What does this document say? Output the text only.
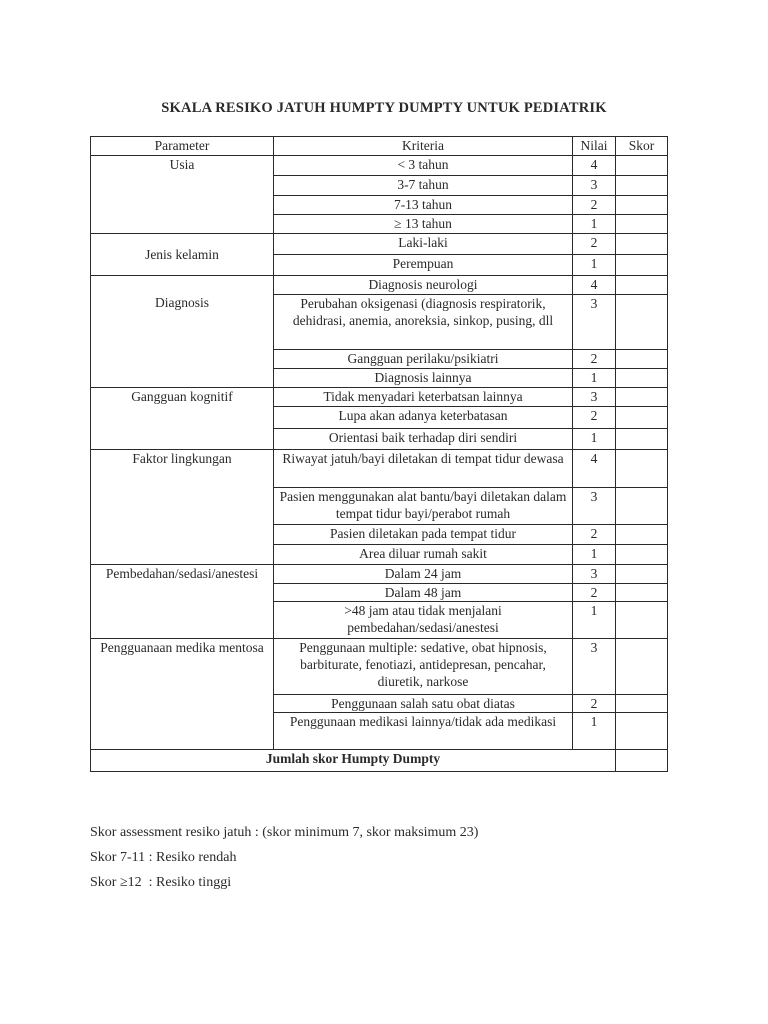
SKALA RESIKO JATUH HUMPTY DUMPTY UNTUK PEDIATRIK
Parameter	Kriteria	Nilai	Skor
Usia	< 3 tahun	4	
	3-7 tahun	3	
	7-13 tahun	2	
	≥ 13 tahun	1	
Jenis kelamin	Laki-laki	2	
	Perempuan	1	
Diagnosis	Diagnosis neurologi	4	
	Perubahan oksigenasi (diagnosis respiratorik, dehidrasi, anemia, anoreksia, sinkop, pusing, dll	3	
	Gangguan perilaku/psikiatri	2	
	Diagnosis lainnya	1	
Gangguan kognitif	Tidak menyadari keterbatsan lainnya	3	
	Lupa akan adanya keterbatasan	2	
	Orientasi baik terhadap diri sendiri	1	
Faktor lingkungan	Riwayat jatuh/bayi diletakan di tempat tidur dewasa	4	
	Pasien menggunakan alat bantu/bayi diletakan dalam tempat tidur bayi/perabot rumah	3	
	Pasien diletakan pada tempat tidur	2	
	Area diluar rumah sakit	1	
Pembedahan/sedasi/anestesi	Dalam 24 jam	3	
	Dalam 48 jam	2	
	>48 jam atau tidak menjalani pembedahan/sedasi/anestesi	1	
Pengguanaan medika mentosa	Penggunaan multiple: sedative, obat hipnosis, barbiturate, fenotiazi, antidepresan, pencahar, diuretik, narkose	3	
	Penggunaan salah satu obat diatas	2	
	Penggunaan medikasi lainnya/tidak ada medikasi	1	
Jumlah skor Humpty Dumpty			
Skor assessment resiko jatuh : (skor minimum 7, skor maksimum 23)
Skor 7-11 : Resiko rendah
Skor ≥12  : Resiko tinggi
